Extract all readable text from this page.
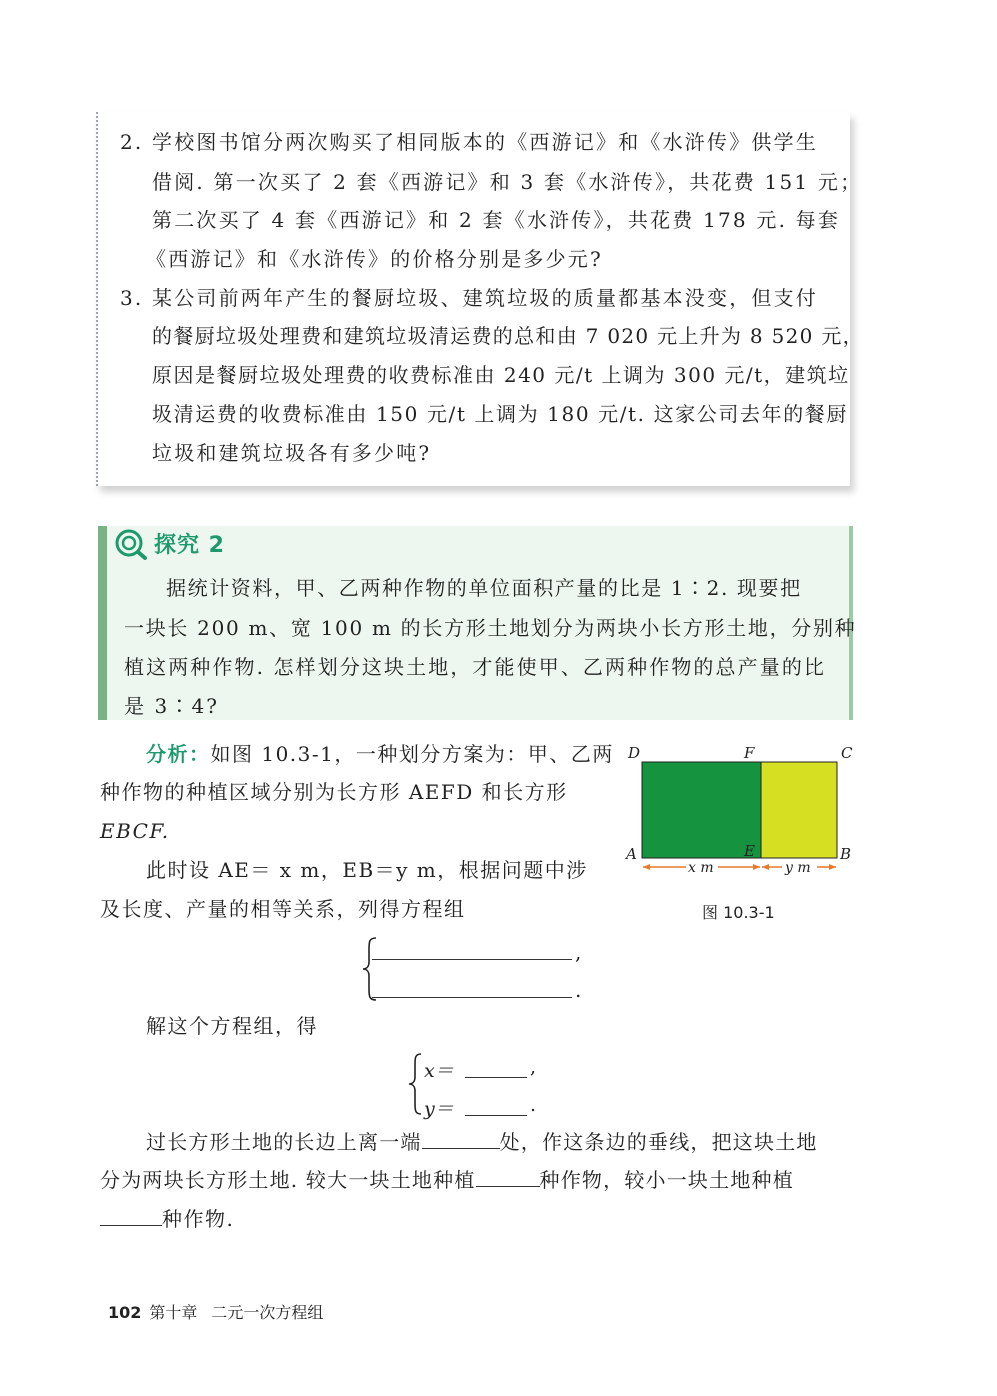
2. 学校图书馆分两次购买了相同版本的《西游记》和《水浒传》供学生
借阅. 第一次买了 2 套《西游记》和 3 套《水浒传》，共花费 151 元；
第二次买了 4 套《西游记》和 2 套《水浒传》，共花费 178 元. 每套
《西游记》和《水浒传》的价格分别是多少元?
3. 某公司前两年产生的餐厨垃圾、建筑垃圾的质量都基本没变，但支付
的餐厨垃圾处理费和建筑垃圾清运费的总和由 7 020 元上升为 8 520 元，
原因是餐厨垃圾处理费的收费标准由 240 元/t 上调为 300 元/t，建筑垃
圾清运费的收费标准由 150 元/t 上调为 180 元/t. 这家公司去年的餐厨
垃圾和建筑垃圾各有多少吨?
探究 2
据统计资料，甲、乙两种作物的单位面积产量的比是 1∶2. 现要把
一块长 200 m、宽 100 m 的长方形土地划分为两块小长方形土地，分别种
植这两种作物. 怎样划分这块土地，才能使甲、乙两种作物的总产量的比
是 3∶4?
分析：如图 10.3-1，一种划分方案为：甲、乙两
种作物的种植区域分别为长方形 AEFD 和长方形
EBCF.
此时设 AE＝ x m，EB＝y m，根据问题中涉
及长度、产量的相等关系，列得方程组
D	F	C
A	E	B
x m	y m
图 10.3-1
,
.
解这个方程组，得
x＝	,
y＝	.
过长方形土地的长边上离一端	处，作这条边的垂线，把这块土地
分为两块长方形土地. 较大一块土地种植	种作物，较小一块土地种植
种作物.
102 第十章 二元一次方程组
